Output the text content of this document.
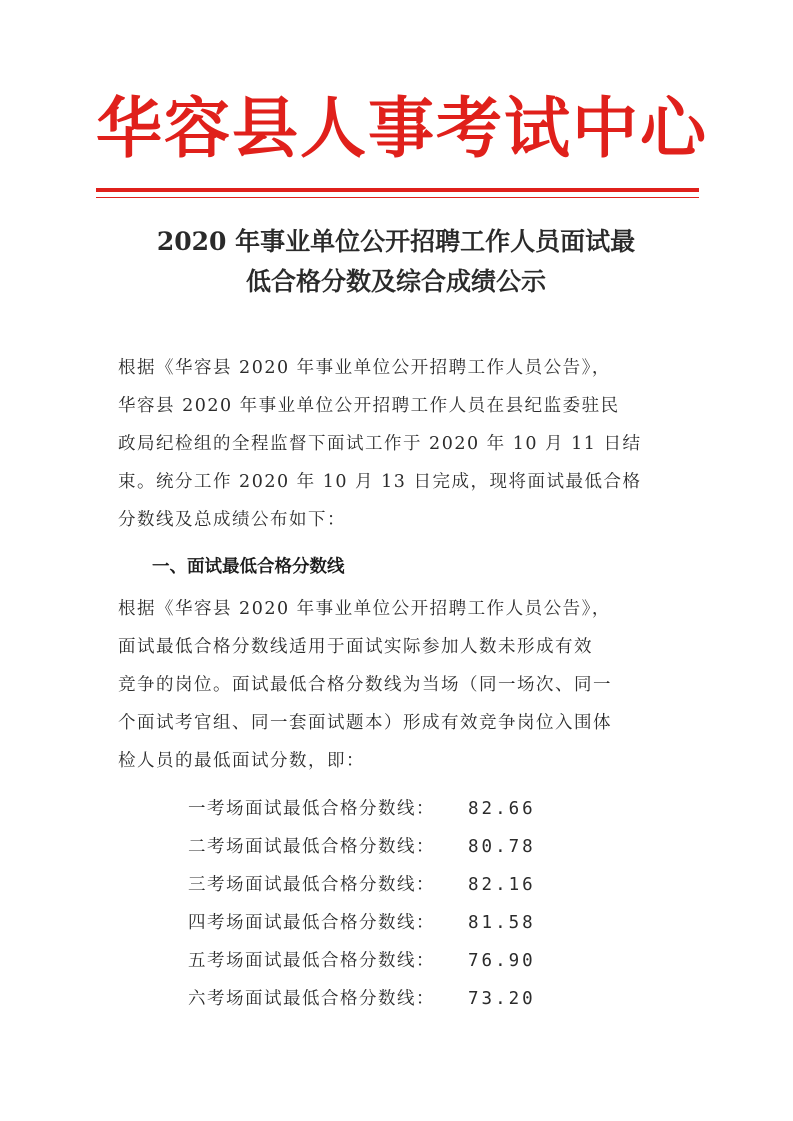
华容县人事考试中心
2020 年事业单位公开招聘工作人员面试最
低合格分数及综合成绩公示

根据《华容县 2020 年事业单位公开招聘工作人员公告》，

华容县 2020 年事业单位公开招聘工作人员在县纪监委驻民

政局纪检组的全程监督下面试工作于 2020 年 10 月 11 日结

束。统分工作 2020 年 10 月 13 日完成，现将面试最低合格

分数线及总成绩公布如下：

一、面试最低合格分数线

根据《华容县 2020 年事业单位公开招聘工作人员公告》，

面试最低合格分数线适用于面试实际参加人数未形成有效

竞争的岗位。面试最低合格分数线为当场（同一场次、同一

个面试考官组、同一套面试题本）形成有效竞争岗位入围体

检人员的最低面试分数，即：

一考场面试最低合格分数线： 82.66
二考场面试最低合格分数线： 80.78
三考场面试最低合格分数线： 82.16
四考场面试最低合格分数线： 81.58
五考场面试最低合格分数线： 76.90
六考场面试最低合格分数线： 73.20
